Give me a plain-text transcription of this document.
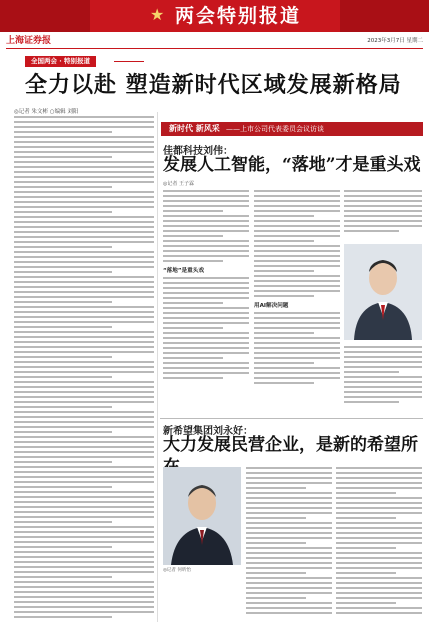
★ 两会特别报道
上海证券报	2023年3月7日 星期二
全国两会 · 特别报道
全力以赴 塑造新时代区域发展新格局
◎记者 朱文彬 ○编辑 刘阳
新时代 新风采 ——上市公司代表委员会议访谈
佳都科技刘伟：
发展人工智能，“落地”才是重头戏
◎记者 王子霖
“落地”是重头戏
用AI解决问题
新希望集团刘永好：
大力发展民营企业，是新的希望所
◎记者 何昕怡
